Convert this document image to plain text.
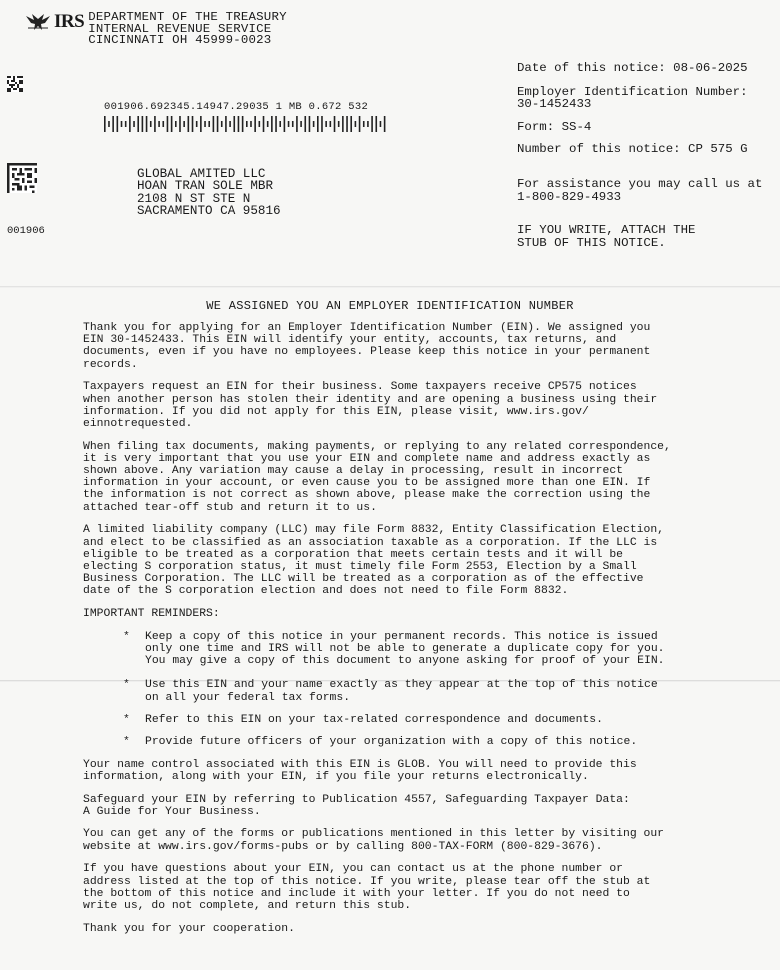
IRS DEPARTMENT OF THE TREASURY
INTERNAL REVENUE SERVICE
CINCINNATI OH 45999-0023
Date of this notice: 08-06-2025
Employer Identification Number:
30-1452433
Form: SS-4
Number of this notice: CP 575 G
For assistance you may call us at
1-800-829-4933
IF YOU WRITE, ATTACH THE
STUB OF THIS NOTICE.
001906.692345.14947.29035 1 MB 0.672 532
GLOBAL AMITED LLC
HOAN TRAN SOLE MBR
2108 N ST STE N
SACRAMENTO CA 95816
001906
WE ASSIGNED YOU AN EMPLOYER IDENTIFICATION NUMBER

Thank you for applying for an Employer Identification Number (EIN). We assigned you
EIN 30-1452433. This EIN will identify your entity, accounts, tax returns, and
documents, even if you have no employees. Please keep this notice in your permanent
records.

Taxpayers request an EIN for their business. Some taxpayers receive CP575 notices
when another person has stolen their identity and are opening a business using their
information. If you did not apply for this EIN, please visit, www.irs.gov/
einnotrequested.

When filing tax documents, making payments, or replying to any related correspondence,
it is very important that you use your EIN and complete name and address exactly as
shown above. Any variation may cause a delay in processing, result in incorrect
information in your account, or even cause you to be assigned more than one EIN. If
the information is not correct as shown above, please make the correction using the
attached tear-off stub and return it to us.

A limited liability company (LLC) may file Form 8832, Entity Classification Election,
and elect to be classified as an association taxable as a corporation. If the LLC is
eligible to be treated as a corporation that meets certain tests and it will be
electing S corporation status, it must timely file Form 2553, Election by a Small
Business Corporation. The LLC will be treated as a corporation as of the effective
date of the S corporation election and does not need to file Form 8832.

IMPORTANT REMINDERS:

*	Keep a copy of this notice in your permanent records. This notice is issued
only one time and IRS will not be able to generate a duplicate copy for you.
You may give a copy of this document to anyone asking for proof of your EIN.
*	Use this EIN and your name exactly as they appear at the top of this notice
on all your federal tax forms.
*	Refer to this EIN on your tax-related correspondence and documents.
*	Provide future officers of your organization with a copy of this notice.

Your name control associated with this EIN is GLOB. You will need to provide this
information, along with your EIN, if you file your returns electronically.

Safeguard your EIN by referring to Publication 4557, Safeguarding Taxpayer Data:
A Guide for Your Business.

You can get any of the forms or publications mentioned in this letter by visiting our
website at www.irs.gov/forms-pubs or by calling 800-TAX-FORM (800-829-3676).

If you have questions about your EIN, you can contact us at the phone number or
address listed at the top of this notice. If you write, please tear off the stub at
the bottom of this notice and include it with your letter. If you do not need to
write us, do not complete, and return this stub.

Thank you for your cooperation.
